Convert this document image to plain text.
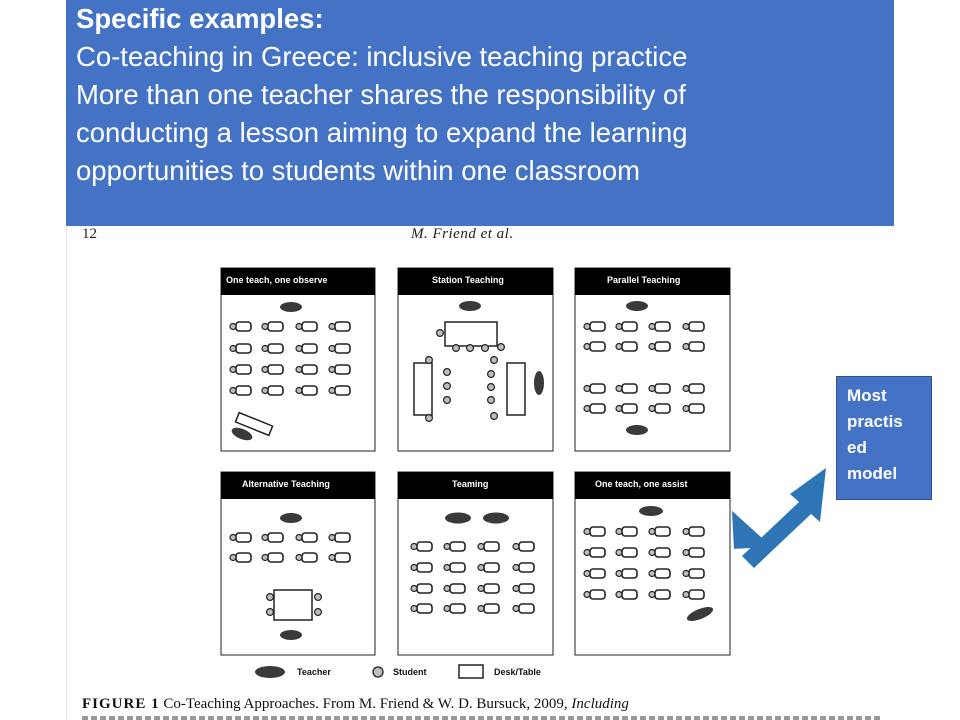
Specific examples:
Co-teaching in Greece: inclusive teaching practice
More than one teacher shares the responsibility of
conducting a lesson aiming to expand the learning
opportunities to students within one classroom
12	M. Friend et al.
One teach, one observe	Station Teaching	Parallel Teaching
Alternative Teaching	Teaming	One teach, one assist
Teacher	Student	Desk/Table
FIGURE 1 Co-Teaching Approaches. From M. Friend & W. D. Bursuck, 2009, Including
Most
practis
ed
model
